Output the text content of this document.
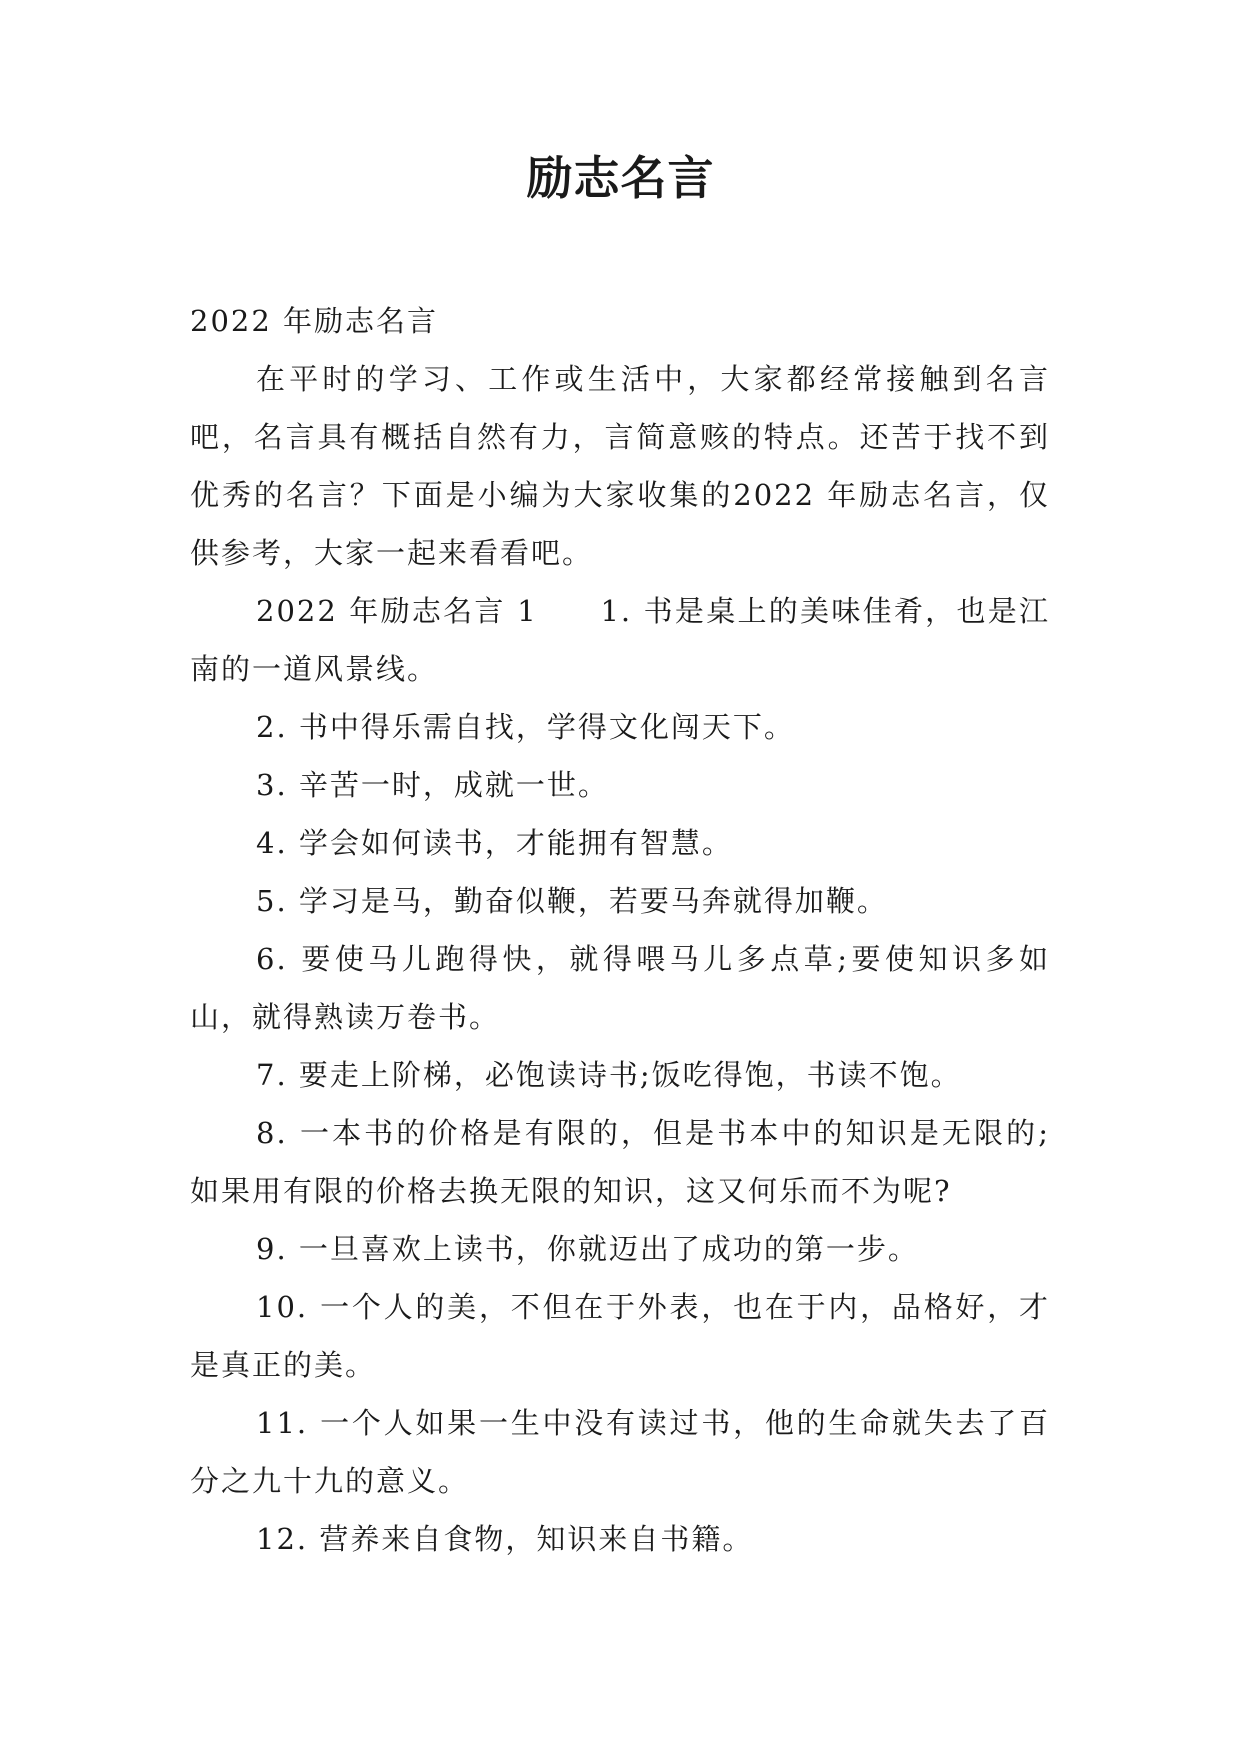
励志名言

2022 年励志名言

在平时的学习、工作或生活中，大家都经常接触到名言吧，名言具有概括自然有力，言简意赅的特点。还苦于找不到优秀的名言？下面是小编为大家收集的2022 年励志名言，仅供参考，大家一起来看看吧。

2022 年励志名言 1　　1. 书是桌上的美味佳肴，也是江南的一道风景线。

2. 书中得乐需自找，学得文化闯天下。

3. 辛苦一时，成就一世。

4. 学会如何读书，才能拥有智慧。

5. 学习是马，勤奋似鞭，若要马奔就得加鞭。

6. 要使马儿跑得快，就得喂马儿多点草;要使知识多如山，就得熟读万卷书。

7. 要走上阶梯，必饱读诗书;饭吃得饱，书读不饱。

8. 一本书的价格是有限的，但是书本中的知识是无限的;如果用有限的价格去换无限的知识，这又何乐而不为呢?

9. 一旦喜欢上读书，你就迈出了成功的第一步。

10. 一个人的美，不但在于外表，也在于内，品格好，才是真正的美。

11. 一个人如果一生中没有读过书，他的生命就失去了百分之九十九的意义。

12. 营养来自食物，知识来自书籍。
